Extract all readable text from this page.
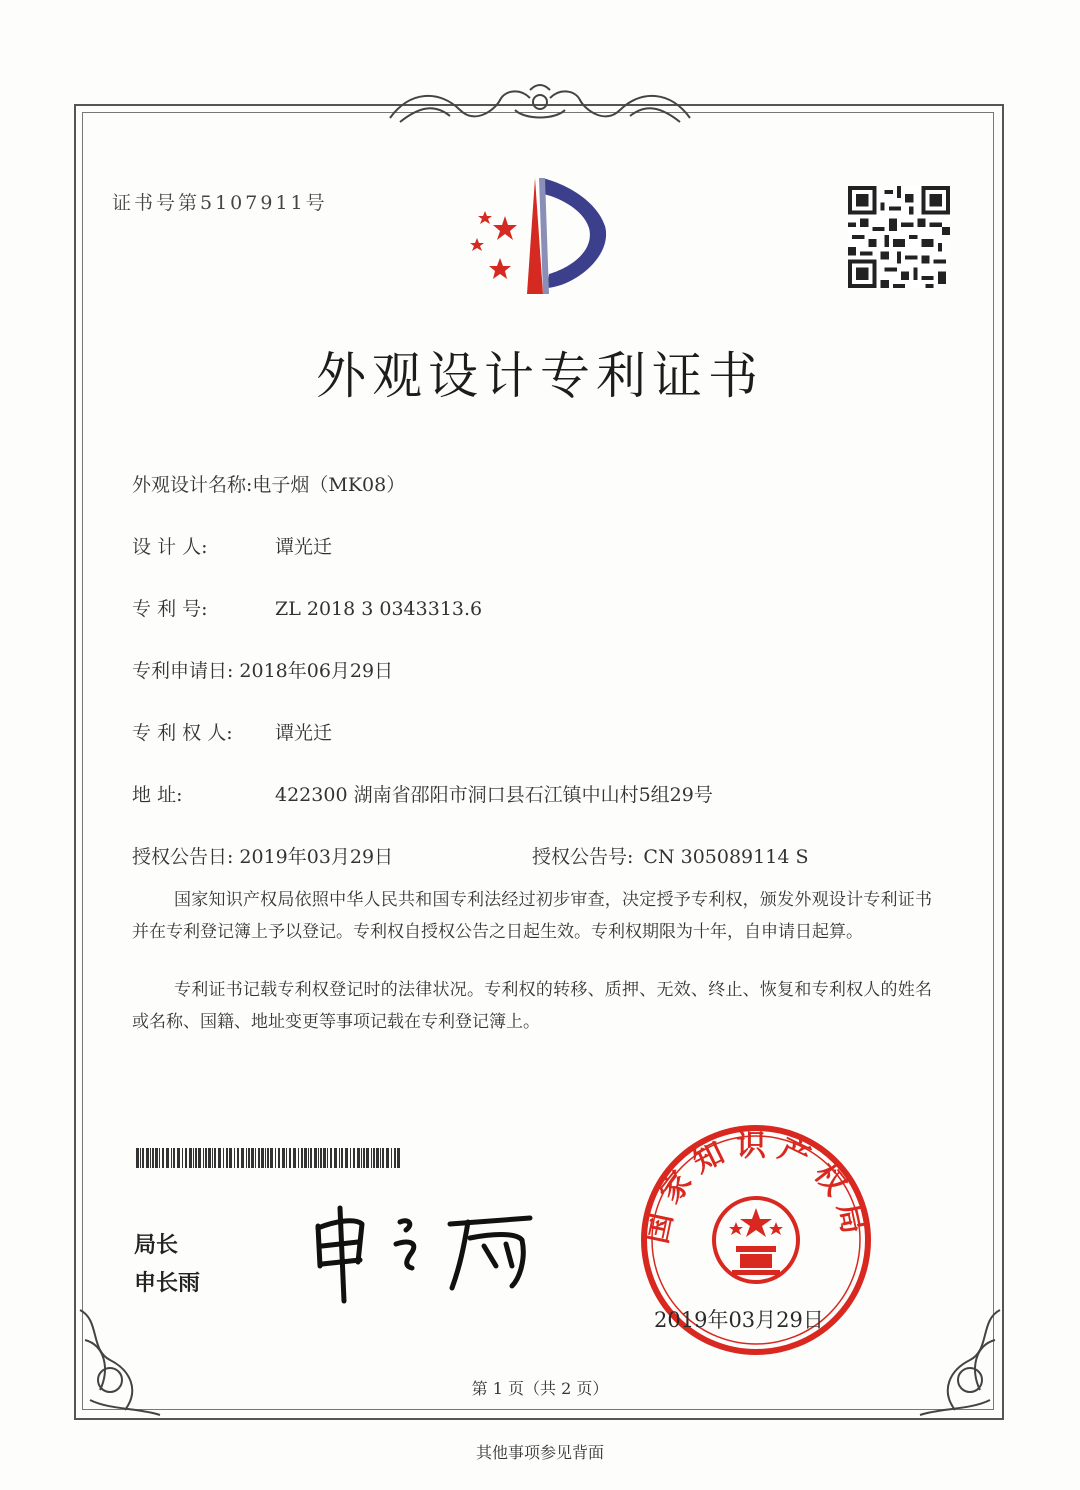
证书号第5107911号
外观设计专利证书
外观设计名称:电子烟（MK08）
设 计 人:	谭光迁
专 利 号:	ZL 2018 3 0343313.6
专利申请日: 2018年06月29日
专 利 权 人: 谭光迁
地 址:	422300 湖南省邵阳市洞口县石江镇中山村5组29号
授权公告日: 2019年03月29日	授权公告号: CN 305089114 S
国家知识产权局依照中华人民共和国专利法经过初步审查，决定授予专利权，颁发外观设计专利证书并在专利登记簿上予以登记。专利权自授权公告之日起生效。专利权期限为十年，自申请日起算。
专利证书记载专利权登记时的法律状况。专利权的转移、质押、无效、终止、恢复和专利权人的姓名或名称、国籍、地址变更等事项记载在专利登记簿上。
局长
申长雨
国家知识产权局
2019年03月29日
第 1 页（共 2 页）
其他事项参见背面
